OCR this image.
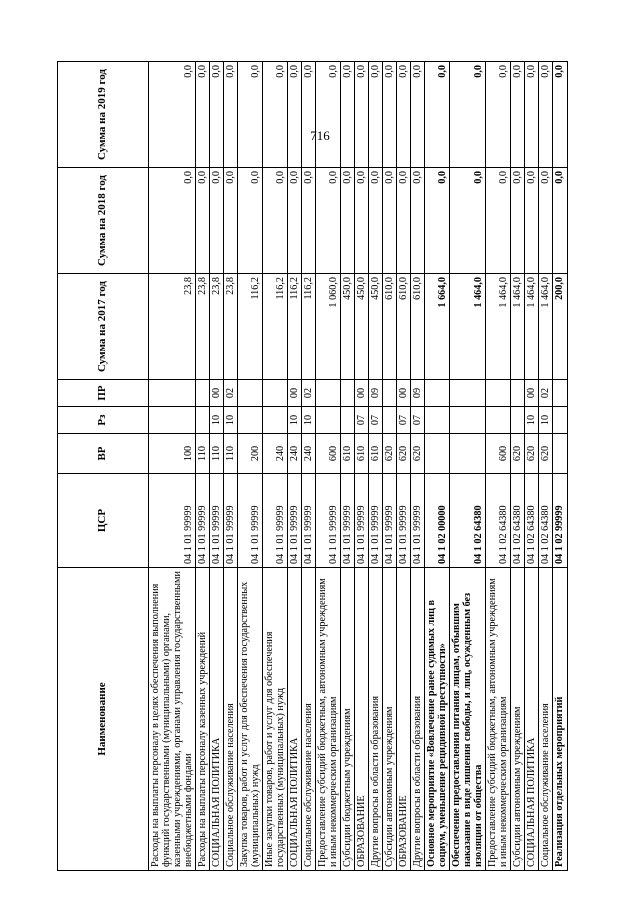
716
Наименование	ЦСР	ВР	Рз	ПР	Сумма на 2017 год	Сумма на 2018 год	Сумма на 2019 год
Расходы на выплаты персоналу в целях обеспечения выполнения функций государственными (муниципальными) органами, казенными учреждениями, органами управления государственными внебюджетными фондами	04 1 01 99999	100			23,8	0,0	0,0
Расходы на выплаты персоналу казенных учреждений	04 1 01 99999	110			23,8	0,0	0,0
СОЦИАЛЬНАЯ ПОЛИТИКА	04 1 01 99999	110	10	00	23,8	0,0	0,0
Социальное обслуживание населения	04 1 01 99999	110	10	02	23,8	0,0	0,0
Закупка товаров, работ и услуг для обеспечения государственных (муниципальных) нужд	04 1 01 99999	200			116,2	0,0	0,0
Иные закупки товаров, работ и услуг для обеспечения государственных (муниципальных) нужд	04 1 01 99999	240			116,2	0,0	0,0
СОЦИАЛЬНАЯ ПОЛИТИКА	04 1 01 99999	240	10	00	116,2	0,0	0,0
Социальное обслуживание населения	04 1 01 99999	240	10	02	116,2	0,0	0,0
Предоставление субсидий бюджетным, автономным учреждениям и иным некоммерческим организациям	04 1 01 99999	600			1 060,0	0,0	0,0
Субсидии бюджетным учреждениям	04 1 01 99999	610			450,0	0,0	0,0
ОБРАЗОВАНИЕ	04 1 01 99999	610	07	00	450,0	0,0	0,0
Другие вопросы в области образования	04 1 01 99999	610	07	09	450,0	0,0	0,0
Субсидии автономным учреждениям	04 1 01 99999	620			610,0	0,0	0,0
ОБРАЗОВАНИЕ	04 1 01 99999	620	07	00	610,0	0,0	0,0
Другие вопросы в области образования	04 1 01 99999	620	07	09	610,0	0,0	0,0
Основное мероприятие «Вовлечение ранее судимых лиц в социум, уменьшение рецидивной преступности»	04 1 02 00000				1 664,0	0,0	0,0
Обеспечение предоставления питания лицам, отбывшим наказание в виде лишения свободы, и лиц, осужденным без изоляции от общества	04 1 02 64380				1 464,0	0,0	0,0
Предоставление субсидий бюджетным, автономным учреждениям и иным некоммерческим организациям	04 1 02 64380	600			1 464,0	0,0	0,0
Субсидии автономным учреждениям	04 1 02 64380	620			1 464,0	0,0	0,0
СОЦИАЛЬНАЯ ПОЛИТИКА	04 1 02 64380	620	10	00	1 464,0	0,0	0,0
Социальное обслуживание населения	04 1 02 64380	620	10	02	1 464,0	0,0	0,0
Реализация отдельных мероприятий	04 1 02 99999				200,0	0,0	0,0
